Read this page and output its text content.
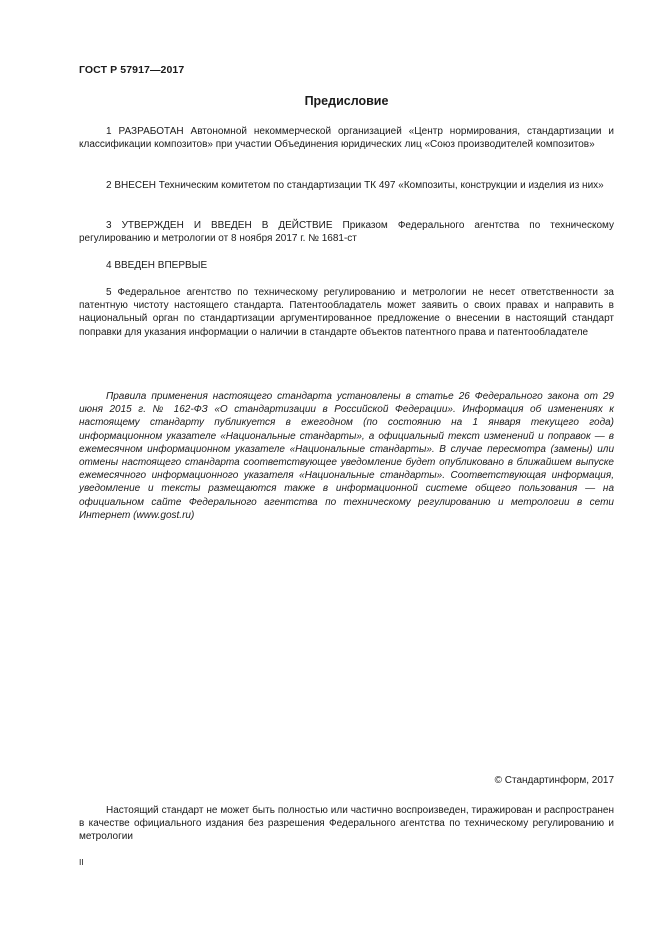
ГОСТ Р 57917—2017
Предисловие
1 РАЗРАБОТАН Автономной некоммерческой организацией «Центр нормирования, стандартизации и классификации композитов» при участии Объединения юридических лиц «Союз производителей композитов»
2 ВНЕСЕН Техническим комитетом по стандартизации ТК 497 «Композиты, конструкции и изделия из них»
3 УТВЕРЖДЕН И ВВЕДЕН В ДЕЙСТВИЕ Приказом Федерального агентства по техническому регулированию и метрологии от 8 ноября 2017 г. № 1681-ст
4 ВВЕДЕН ВПЕРВЫЕ
5 Федеральное агентство по техническому регулированию и метрологии не несет ответственности за патентную чистоту настоящего стандарта. Патентообладатель может заявить о своих правах и направить в национальный орган по стандартизации аргументированное предложение о внесении в настоящий стандарт поправки для указания информации о наличии в стандарте объектов патентного права и патентообладателе
Правила применения настоящего стандарта установлены в статье 26 Федерального закона от 29 июня 2015 г. № 162-ФЗ «О стандартизации в Российской Федерации». Информация об изменениях к настоящему стандарту публикуется в ежегодном (по состоянию на 1 января текущего года) информационном указателе «Национальные стандарты», а официальный текст изменений и поправок — в ежемесячном информационном указателе «Национальные стандарты». В случае пересмотра (замены) или отмены настоящего стандарта соответствующее уведомление будет опубликовано в ближайшем выпуске ежемесячного информационного указателя «Национальные стандарты». Соответствующая информация, уведомление и тексты размещаются также в информационной системе общего пользования — на официальном сайте Федерального агентства по техническому регулированию и метрологии в сети Интернет (www.gost.ru)
© Стандартинформ, 2017
Настоящий стандарт не может быть полностью или частично воспроизведен, тиражирован и распространен в качестве официального издания без разрешения Федерального агентства по техническому регулированию и метрологии
II
